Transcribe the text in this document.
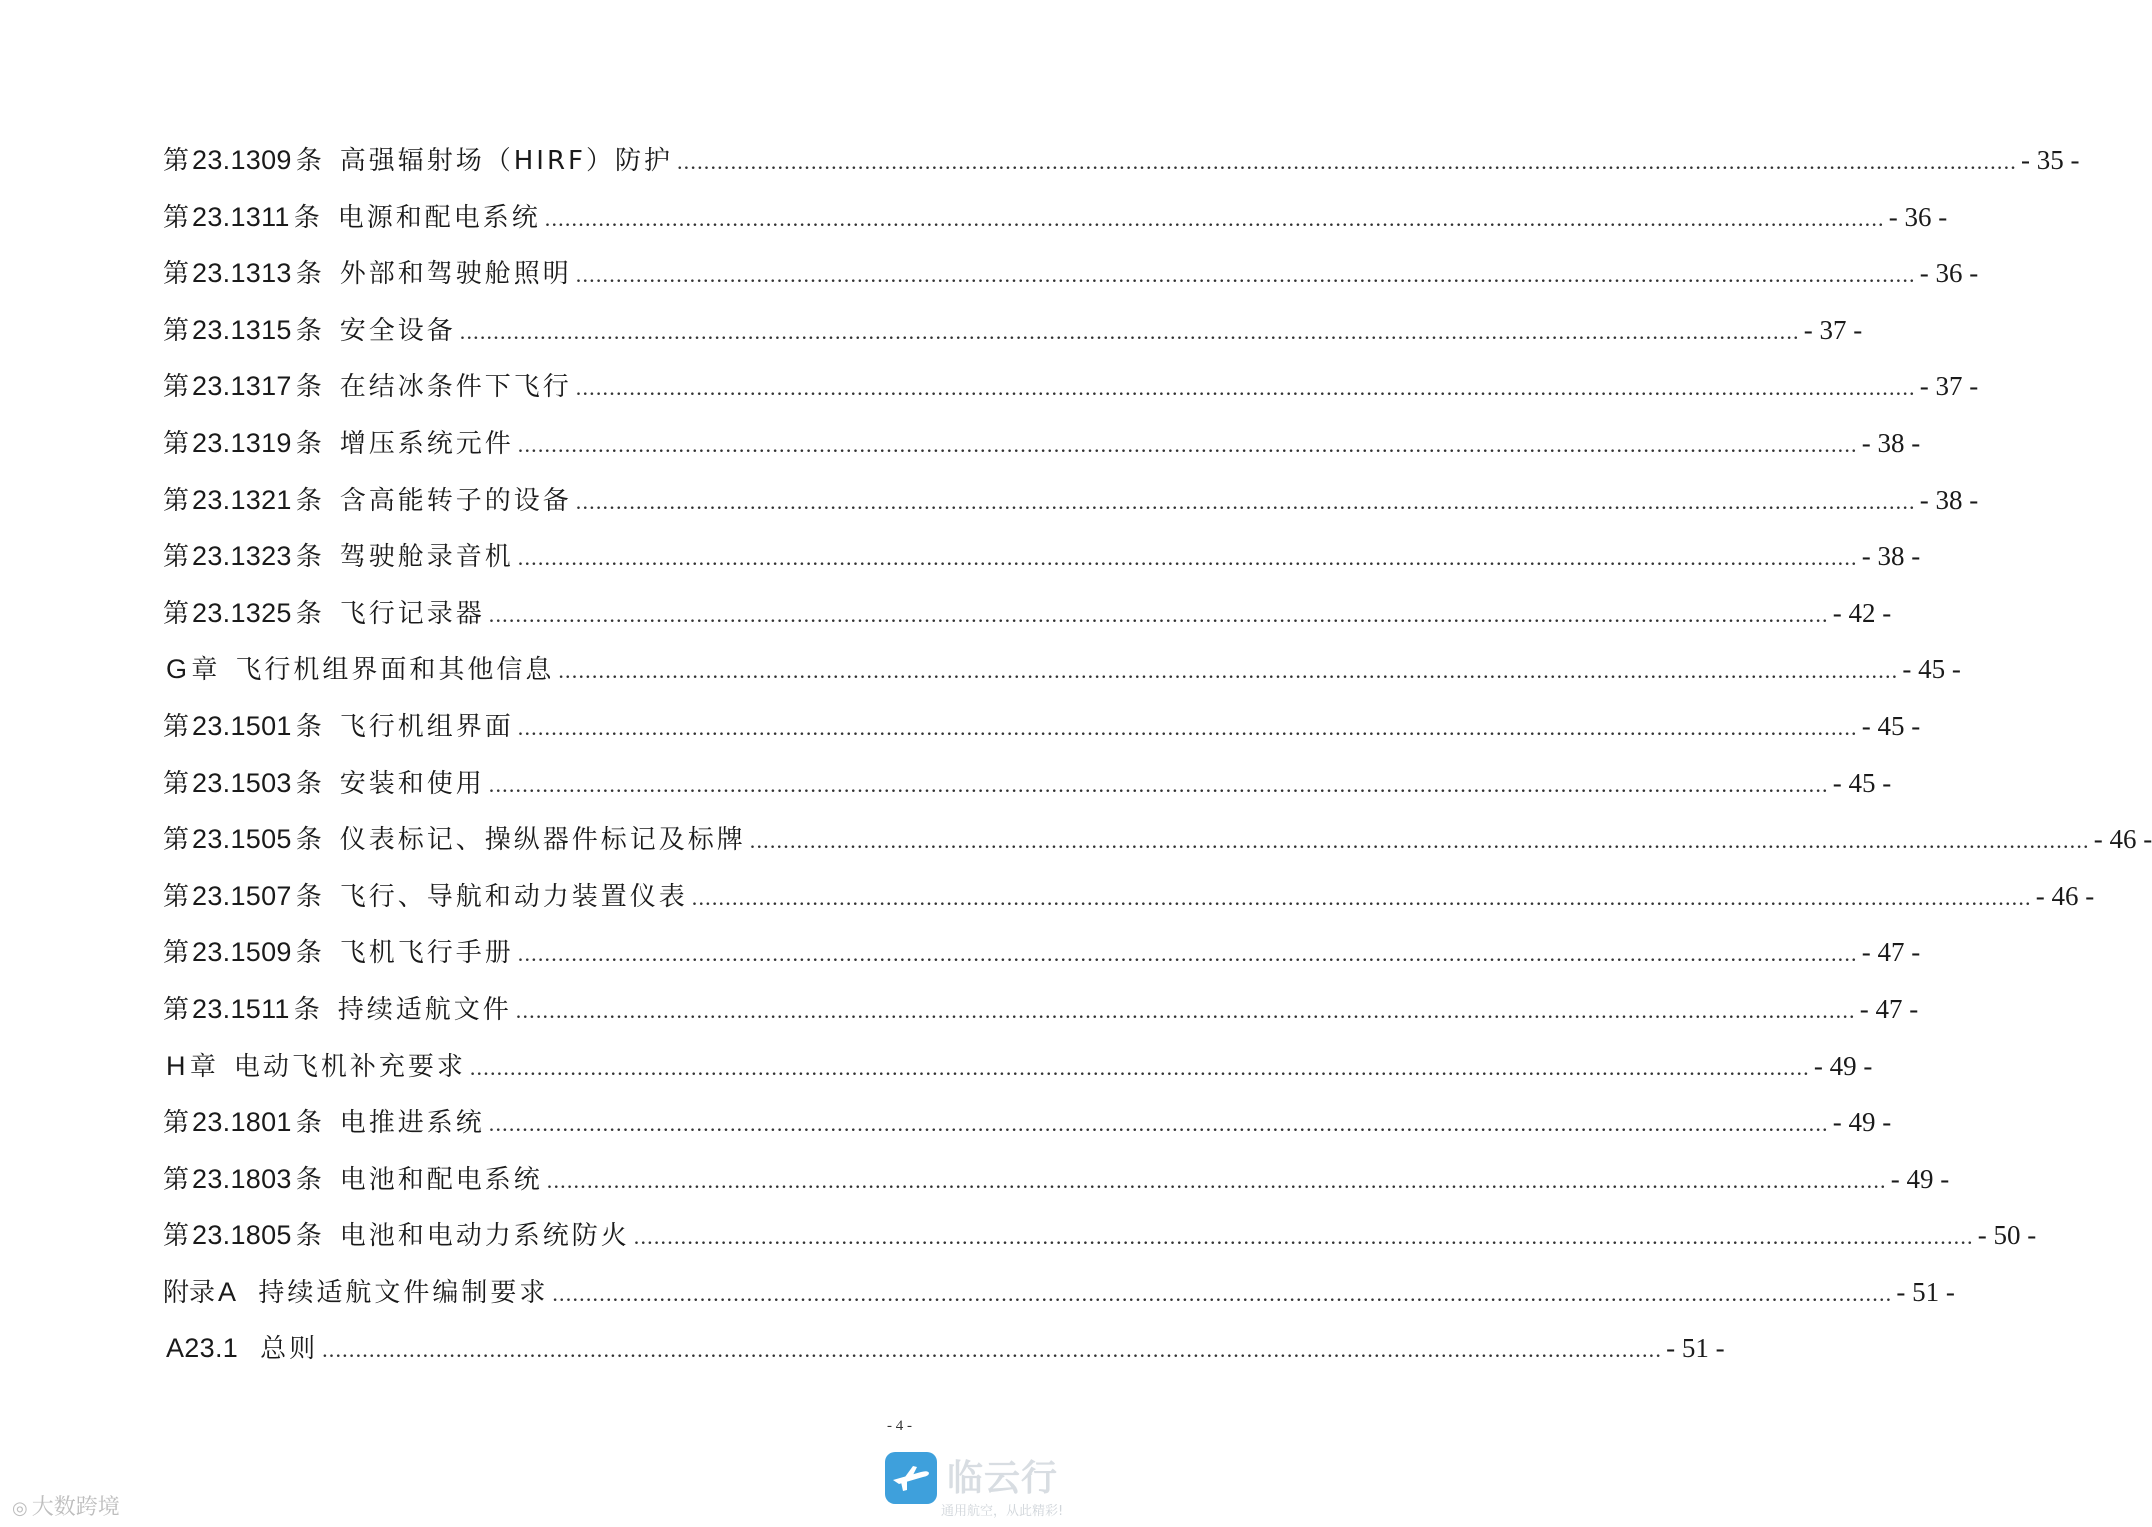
第 23.1309 条 高强辐射场（HIRF）防护 ........................................................................................................................................................................................................ - 35 -
第 23.1311 条 电源和配电系统 ........................................................................................................................................................................................................ - 36 -
第 23.1313 条 外部和驾驶舱照明 ........................................................................................................................................................................................................ - 36 -
第 23.1315 条 安全设备 ........................................................................................................................................................................................................ - 37 -
第 23.1317 条 在结冰条件下飞行 ........................................................................................................................................................................................................ - 37 -
第 23.1319 条 增压系统元件 ........................................................................................................................................................................................................ - 38 -
第 23.1321 条 含高能转子的设备 ........................................................................................................................................................................................................ - 38 -
第 23.1323 条 驾驶舱录音机 ........................................................................................................................................................................................................ - 38 -
第 23.1325 条 飞行记录器 ........................................................................................................................................................................................................ - 42 -
G 章 飞行机组界面和其他信息 ........................................................................................................................................................................................................ - 45 -
第 23.1501 条 飞行机组界面 ........................................................................................................................................................................................................ - 45 -
第 23.1503 条 安装和使用 ........................................................................................................................................................................................................ - 45 -
第 23.1505 条 仪表标记、操纵器件标记及标牌 ........................................................................................................................................................................................................ - 46 -
第 23.1507 条 飞行、导航和动力装置仪表 ........................................................................................................................................................................................................ - 46 -
第 23.1509 条 飞机飞行手册 ........................................................................................................................................................................................................ - 47 -
第 23.1511 条 持续适航文件 ........................................................................................................................................................................................................ - 47 -
H 章 电动飞机补充要求 ........................................................................................................................................................................................................ - 49 -
第 23.1801 条 电推进系统 ........................................................................................................................................................................................................ - 49 -
第 23.1803 条 电池和配电系统 ........................................................................................................................................................................................................ - 49 -
第 23.1805 条 电池和电动力系统防火 ........................................................................................................................................................................................................ - 50 -
附录 A 持续适航文件编制要求 ........................................................................................................................................................................................................ - 51 -
A23.1 总则 ........................................................................................................................................................................................................ - 51 -
- 4 -
◎ 大数跨境
临云行
通用航空，从此精彩!
